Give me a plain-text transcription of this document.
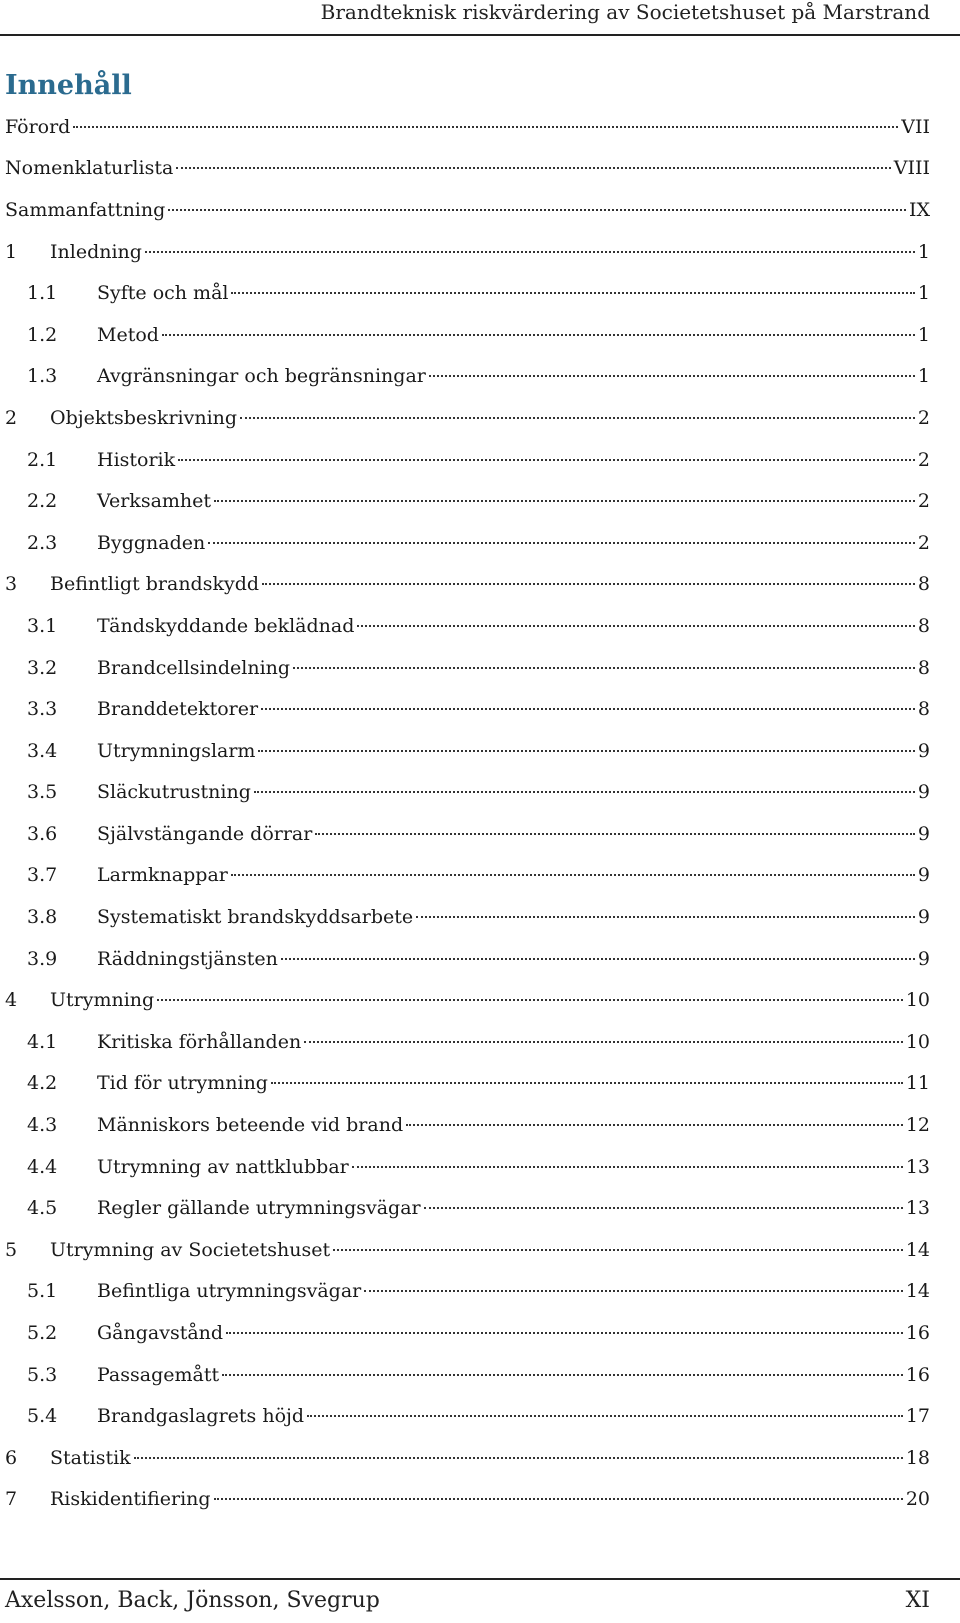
Brandteknisk riskvärdering av Societetshuset på Marstrand
Innehåll
Förord	VII
Nomenklaturlista	VIII
Sammanfattning	IX
1 Inledning	1
1.1 Syfte och mål	1
1.2 Metod	1
1.3 Avgränsningar och begränsningar	1
2 Objektsbeskrivning	2
2.1 Historik	2
2.2 Verksamhet	2
2.3 Byggnaden	2
3 Befintligt brandskydd	8
3.1 Tändskyddande beklädnad	8
3.2 Brandcellsindelning	8
3.3 Branddetektorer	8
3.4 Utrymningslarm	9
3.5 Släckutrustning	9
3.6 Självstängande dörrar	9
3.7 Larmknappar	9
3.8 Systematiskt brandskyddsarbete	9
3.9 Räddningstjänsten	9
4 Utrymning	10
4.1 Kritiska förhållanden	10
4.2 Tid för utrymning	11
4.3 Människors beteende vid brand	12
4.4 Utrymning av nattklubbar	13
4.5 Regler gällande utrymningsvägar	13
5 Utrymning av Societetshuset	14
5.1 Befintliga utrymningsvägar	14
5.2 Gångavstånd	16
5.3 Passagemått	16
5.4 Brandgaslagrets höjd	17
6 Statistik	18
7 Riskidentifiering	20
Axelsson, Back, Jönsson, Svegrup	XI
